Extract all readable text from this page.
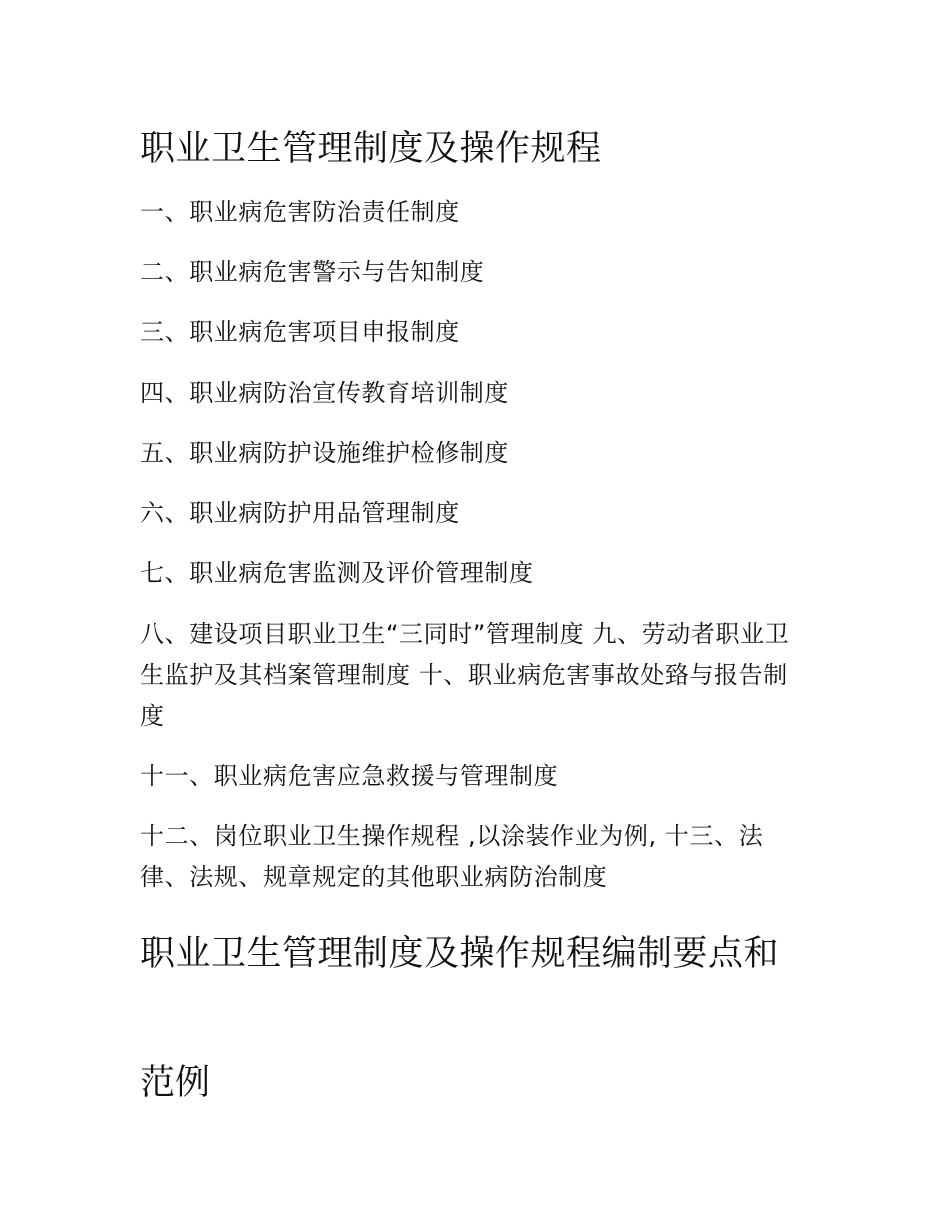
职业卫生管理制度及操作规程
一、职业病危害防治责任制度
二、职业病危害警示与告知制度
三、职业病危害项目申报制度
四、职业病防治宣传教育培训制度
五、职业病防护设施维护检修制度
六、职业病防护用品管理制度
七、职业病危害监测及评价管理制度
八、建设项目职业卫生“三同时”管理制度 九、劳动者职业卫生监护及其档案管理制度 十、职业病危害事故处臵与报告制度
十一、职业病危害应急救援与管理制度
十二、岗位职业卫生操作规程 ,以涂装作业为例, 十三、法律、法规、规章规定的其他职业病防治制度
职业卫生管理制度及操作规程编制要点和
范例
